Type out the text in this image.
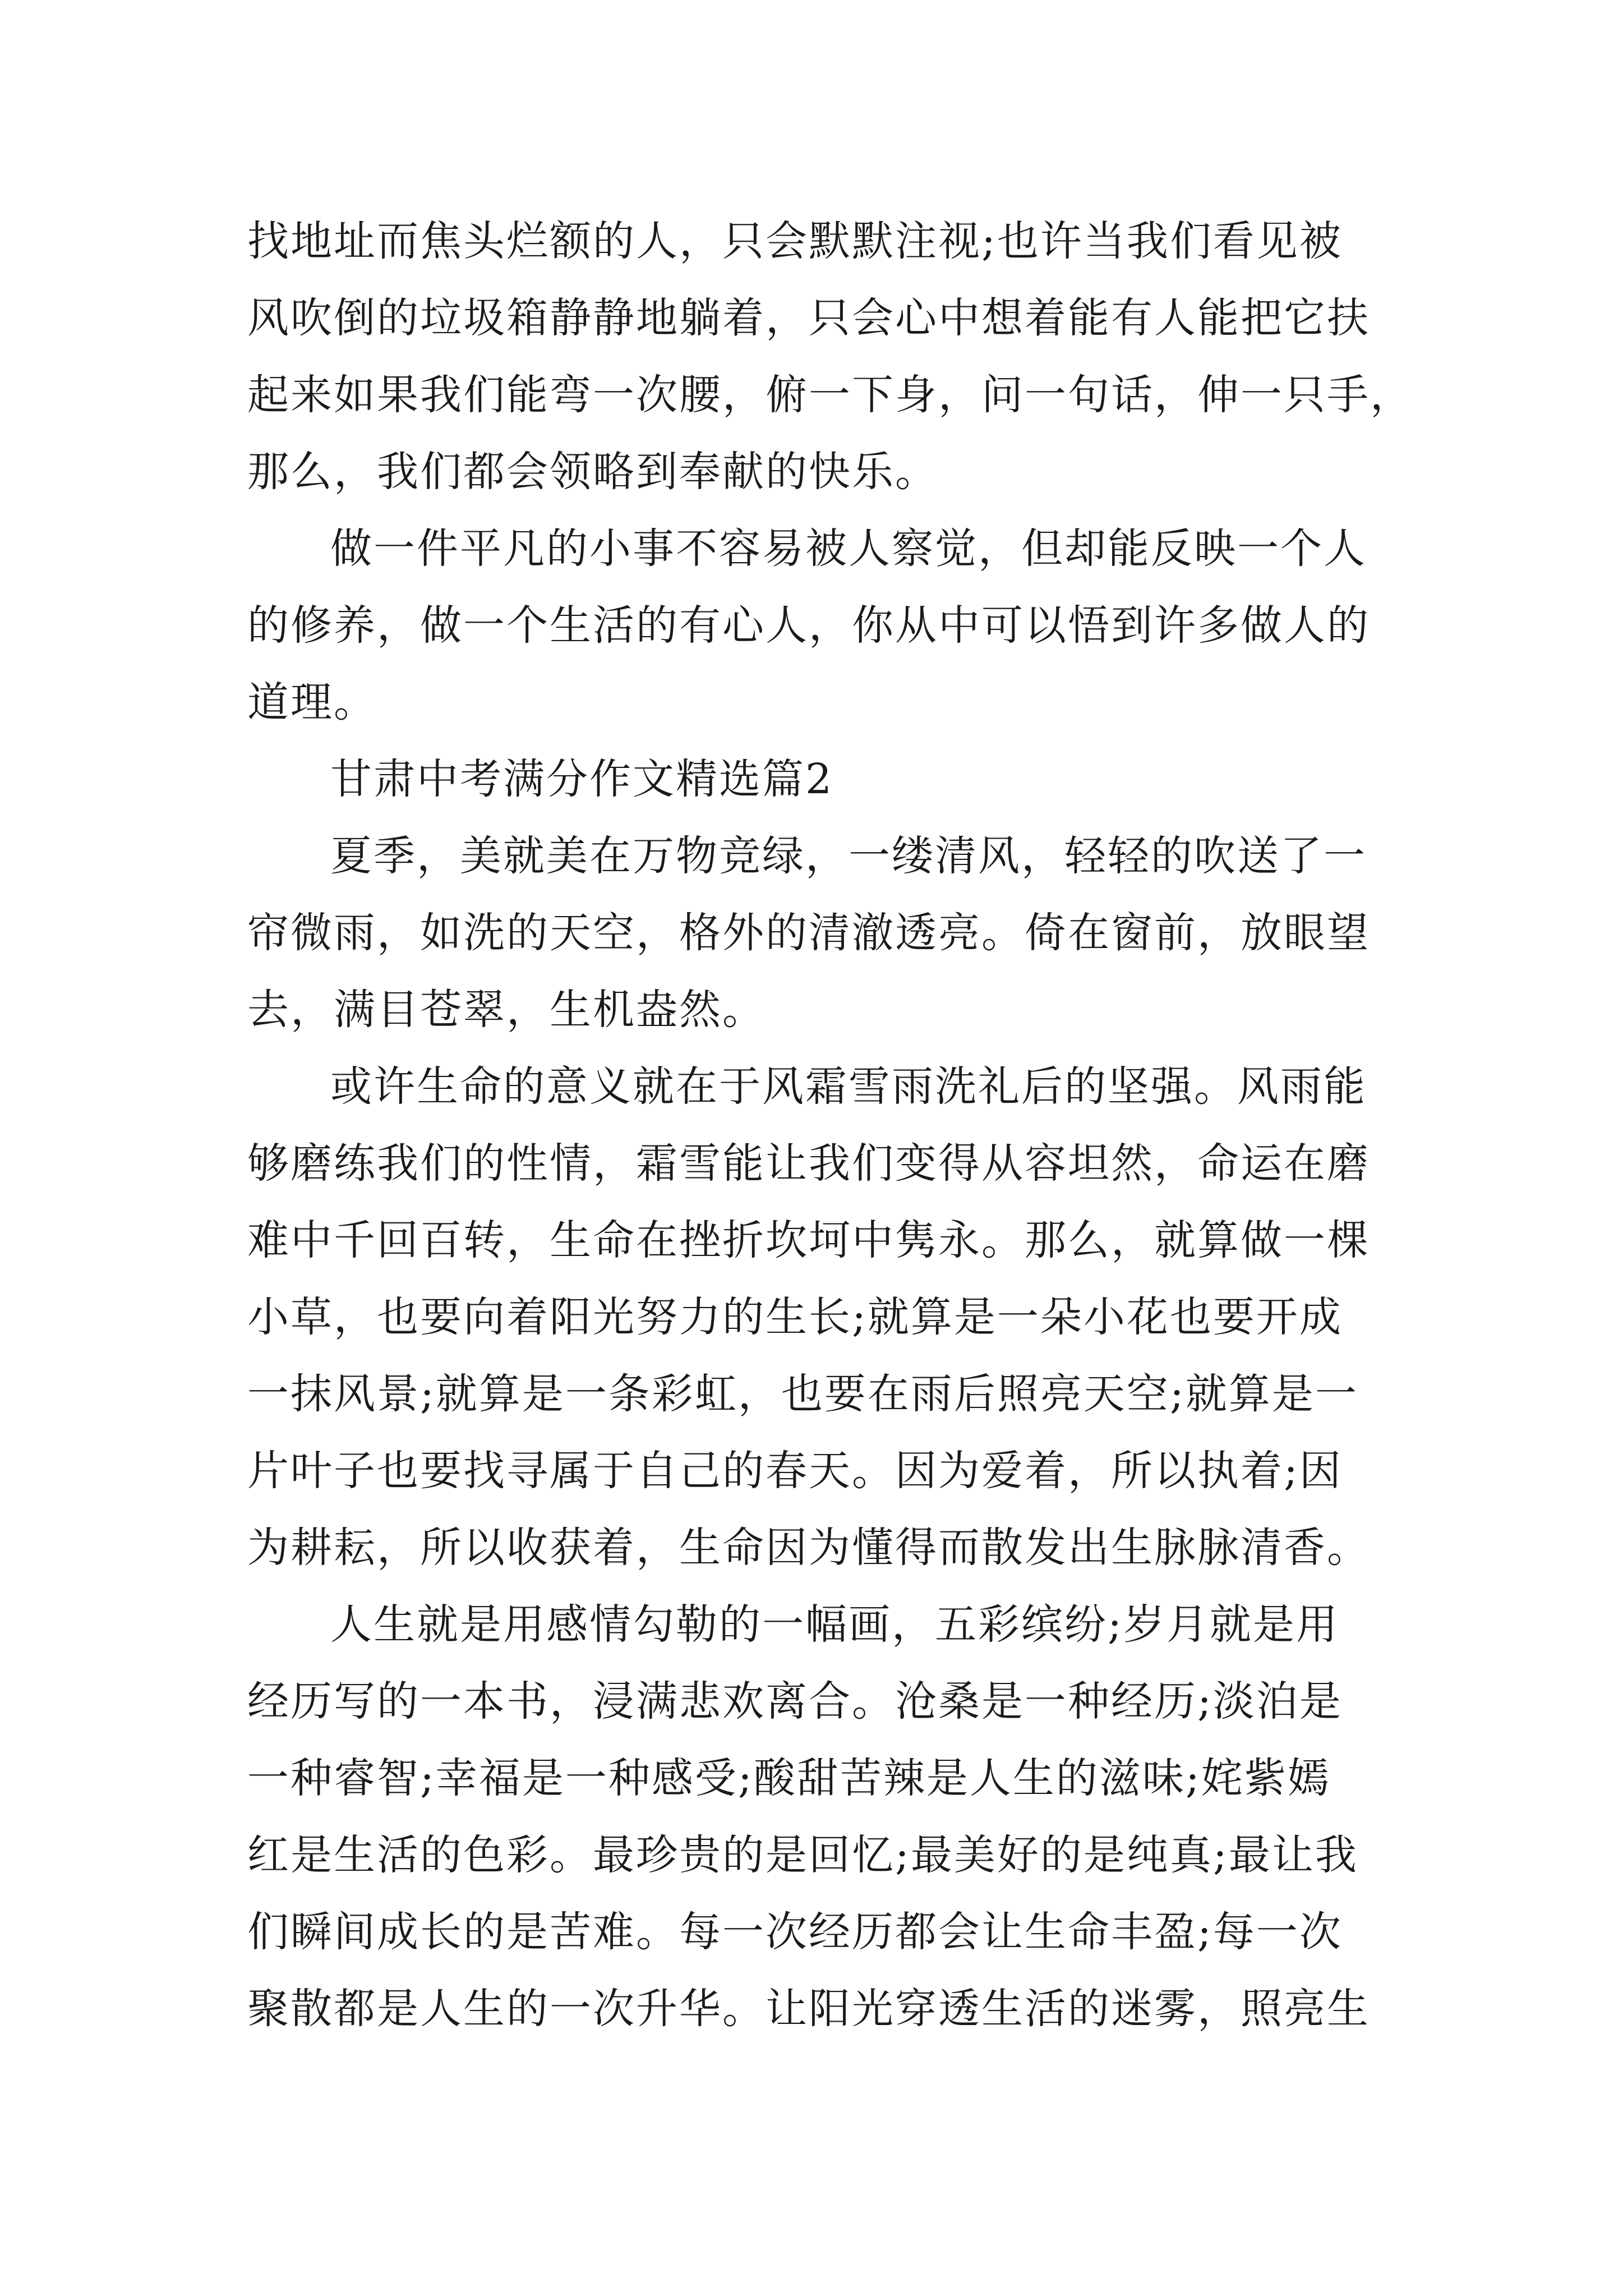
找地址而焦头烂额的人，只会默默注视;也许当我们看见被
风吹倒的垃圾箱静静地躺着，只会心中想着能有人能把它扶
起来如果我们能弯一次腰，俯一下身，问一句话，伸一只手，
那么，我们都会领略到奉献的快乐。
做一件平凡的小事不容易被人察觉，但却能反映一个人
的修养，做一个生活的有心人，你从中可以悟到许多做人的
道理。
甘肃中考满分作文精选篇2
夏季，美就美在万物竞绿，一缕清风，轻轻的吹送了一
帘微雨，如洗的天空，格外的清澈透亮。倚在窗前，放眼望
去，满目苍翠，生机盎然。
或许生命的意义就在于风霜雪雨洗礼后的坚强。风雨能
够磨练我们的性情，霜雪能让我们变得从容坦然，命运在磨
难中千回百转，生命在挫折坎坷中隽永。那么，就算做一棵
小草，也要向着阳光努力的生长;就算是一朵小花也要开成
一抹风景;就算是一条彩虹，也要在雨后照亮天空;就算是一
片叶子也要找寻属于自己的春天。因为爱着，所以执着;因
为耕耘，所以收获着，生命因为懂得而散发出生脉脉清香。
人生就是用感情勾勒的一幅画，五彩缤纷;岁月就是用
经历写的一本书，浸满悲欢离合。沧桑是一种经历;淡泊是
一种睿智;幸福是一种感受;酸甜苦辣是人生的滋味;姹紫嫣
红是生活的色彩。最珍贵的是回忆;最美好的是纯真;最让我
们瞬间成长的是苦难。每一次经历都会让生命丰盈;每一次
聚散都是人生的一次升华。让阳光穿透生活的迷雾，照亮生
